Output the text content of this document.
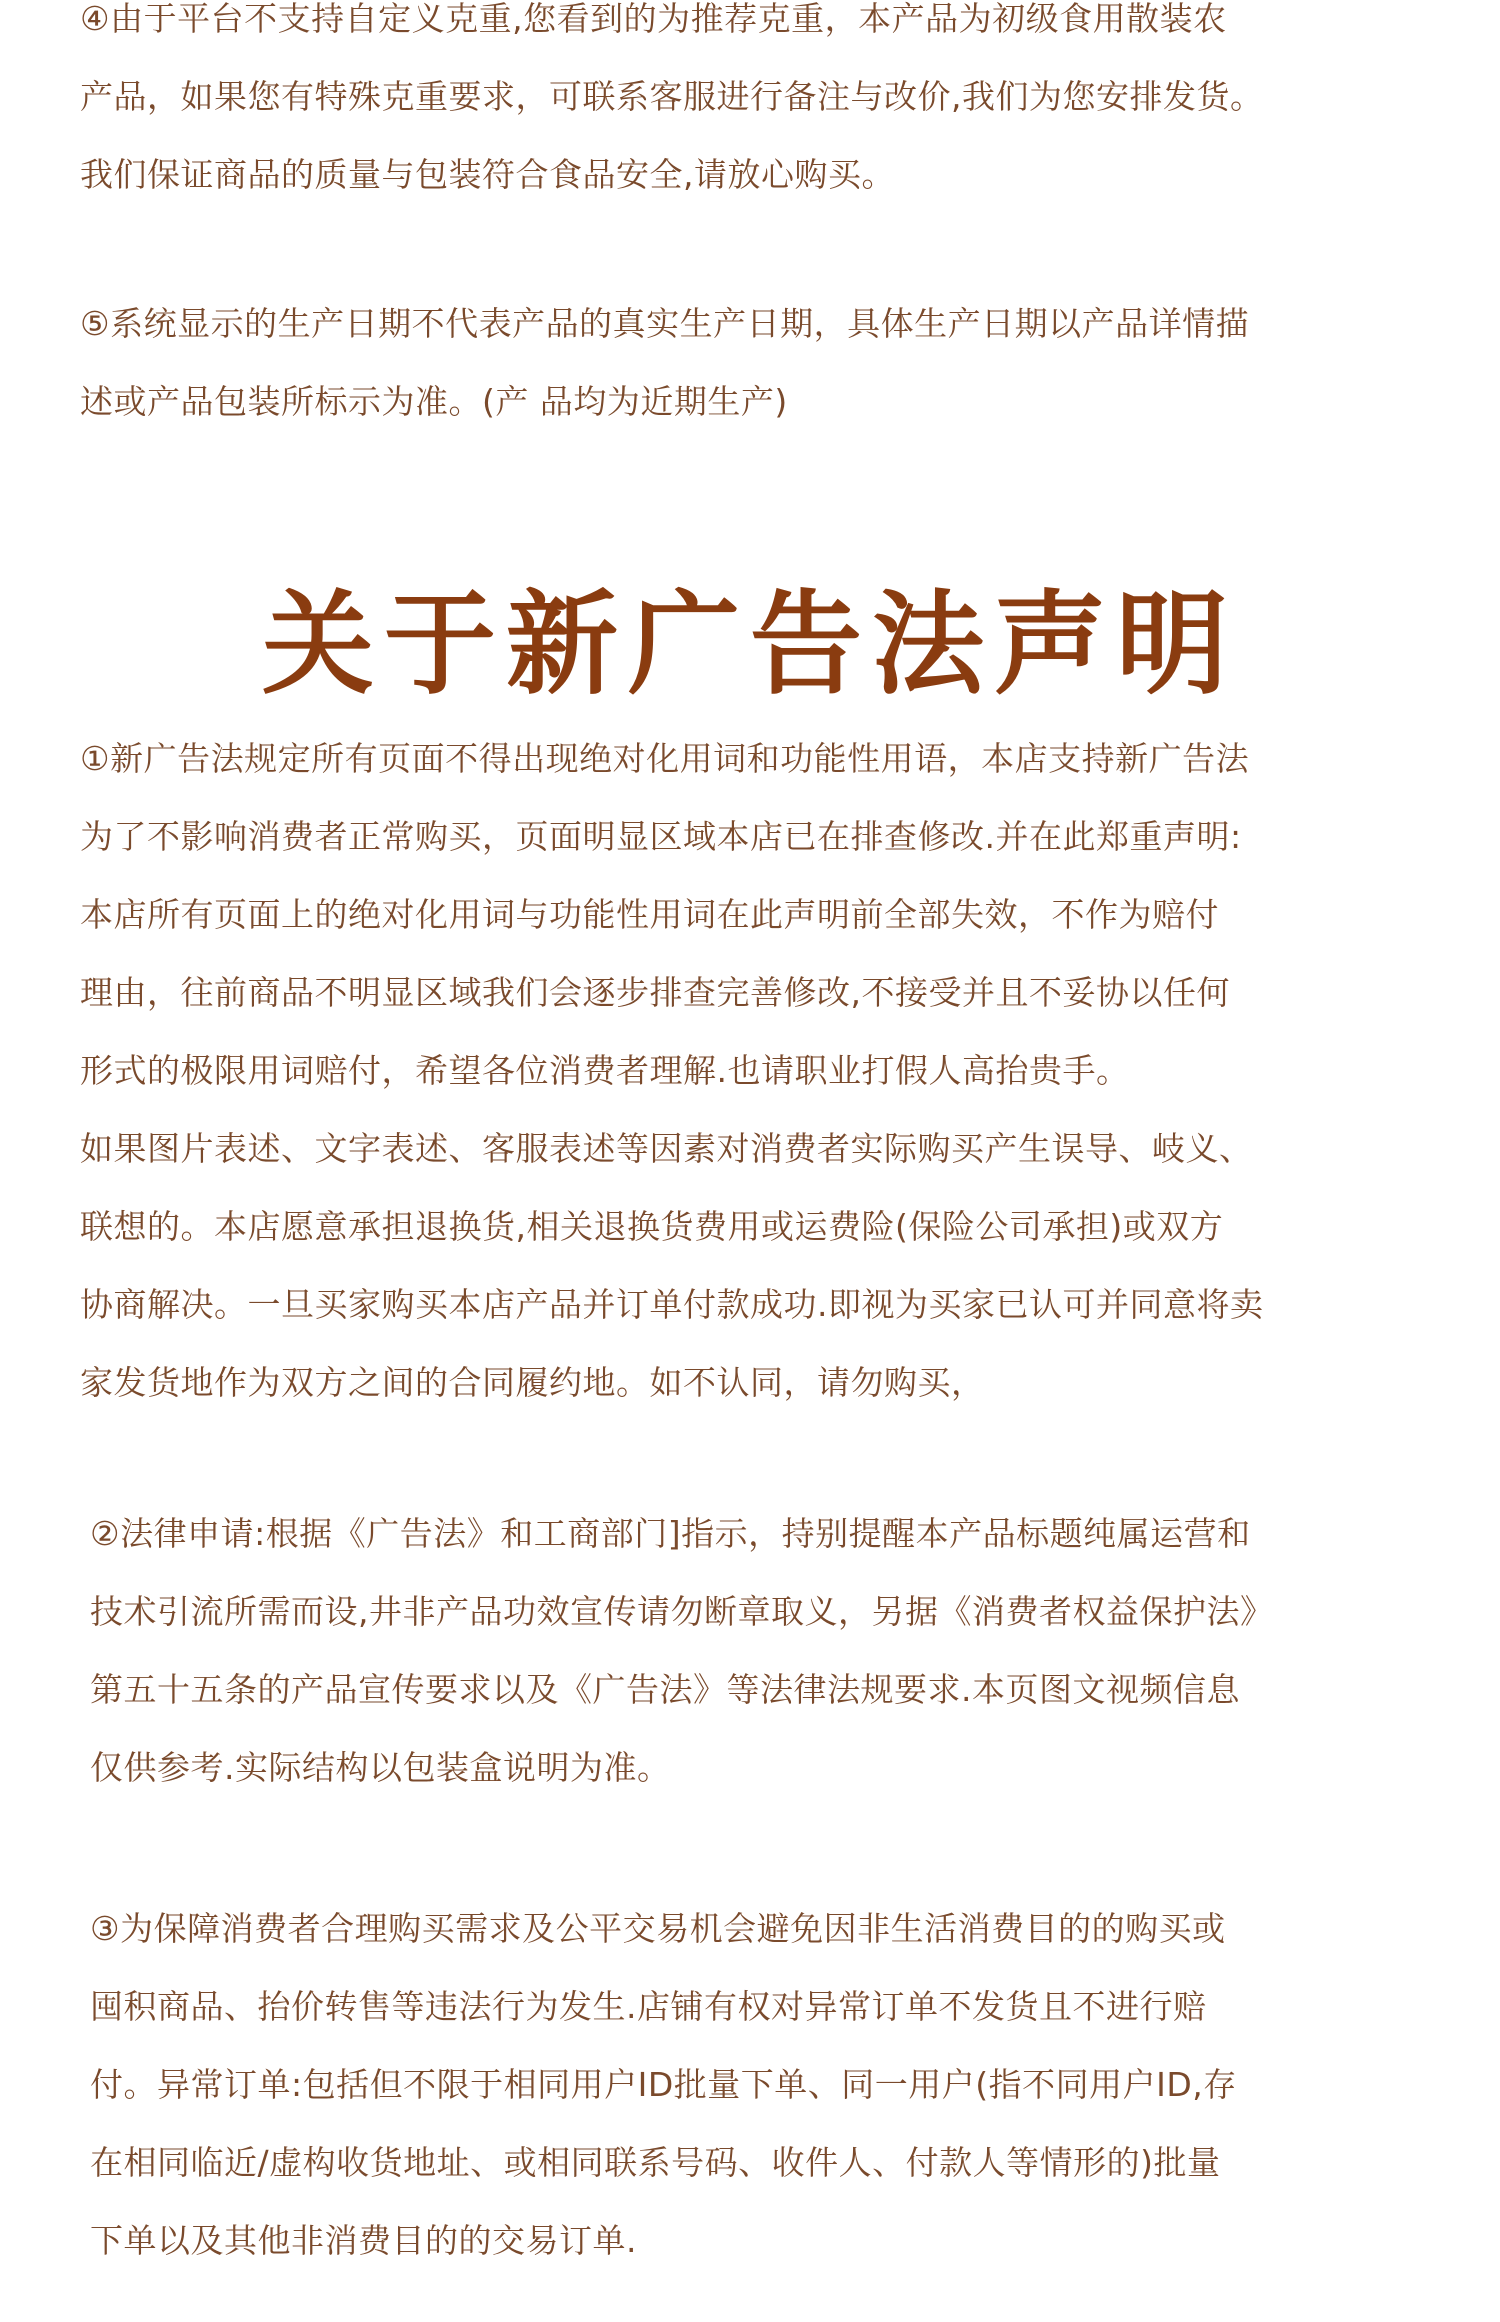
④由于平台不支持自定义克重,您看到的为推荐克重，本产品为初级食用散装农
产品，如果您有特殊克重要求，可联系客服进行备注与改价,我们为您安排发货。
我们保证商品的质量与包装符合食品安全,请放心购买。
⑤系统显示的生产日期不代表产品的真实生产日期，具体生产日期以产品详情描
述或产品包装所标示为准。(产 品均为近期生产)
关于新广告法声明
①新广告法规定所有页面不得出现绝对化用词和功能性用语，本店支持新广告法
为了不影响消费者正常购买，页面明显区域本店已在排查修改.并在此郑重声明:
本店所有页面上的绝对化用词与功能性用词在此声明前全部失效，不作为赔付
理由，往前商品不明显区域我们会逐步排查完善修改,不接受并且不妥协以任何
形式的极限用词赔付，希望各位消费者理解.也请职业打假人高抬贵手。
如果图片表述、文字表述、客服表述等因素对消费者实际购买产生误导、岐义、
联想的。本店愿意承担退换货,相关退换货费用或运费险(保险公司承担)或双方
协商解决。一旦买家购买本店产品并订单付款成功.即视为买家已认可并同意将卖
家发货地作为双方之间的合同履约地。如不认同，请勿购买，
②法律申请:根据《广告法》和工商部门]指示，持别提醒本产品标题纯属运营和
技术引流所需而设,井非产品功效宣传请勿断章取义，另据《消费者权益保护法》
第五十五条的产品宣传要求以及《广告法》等法律法规要求.本页图文视频信息
仅供参考.实际结构以包装盒说明为准。
③为保障消费者合理购买需求及公平交易机会避免因非生活消费目的的购买或
囤积商品、抬价转售等违法行为发生.店铺有权对异常订单不发货且不进行赔
付。异常订单:包括但不限于相同用户ID批量下单、同一用户(指不同用户ID,存
在相同临近/虚构收货地址、或相同联系号码、收件人、付款人等情形的)批量
下单以及其他非消费目的的交易订单.
